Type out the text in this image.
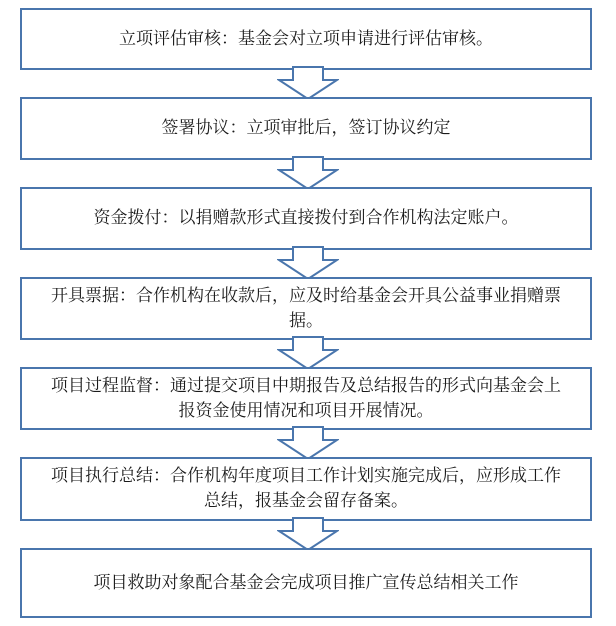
立项评估审核：基金会对立项申请进行评估审核。
签署协议：立项审批后，签订协议约定
资金拨付：以捐赠款形式直接拨付到合作机构法定账户。
开具票据：合作机构在收款后，应及时给基金会开具公益事业捐赠票据。
项目过程监督：通过提交项目中期报告及总结报告的形式向基金会上报资金使用情况和项目开展情况。
项目执行总结：合作机构年度项目工作计划实施完成后，应形成工作总结，报基金会留存备案。
项目救助对象配合基金会完成项目推广宣传总结相关工作
